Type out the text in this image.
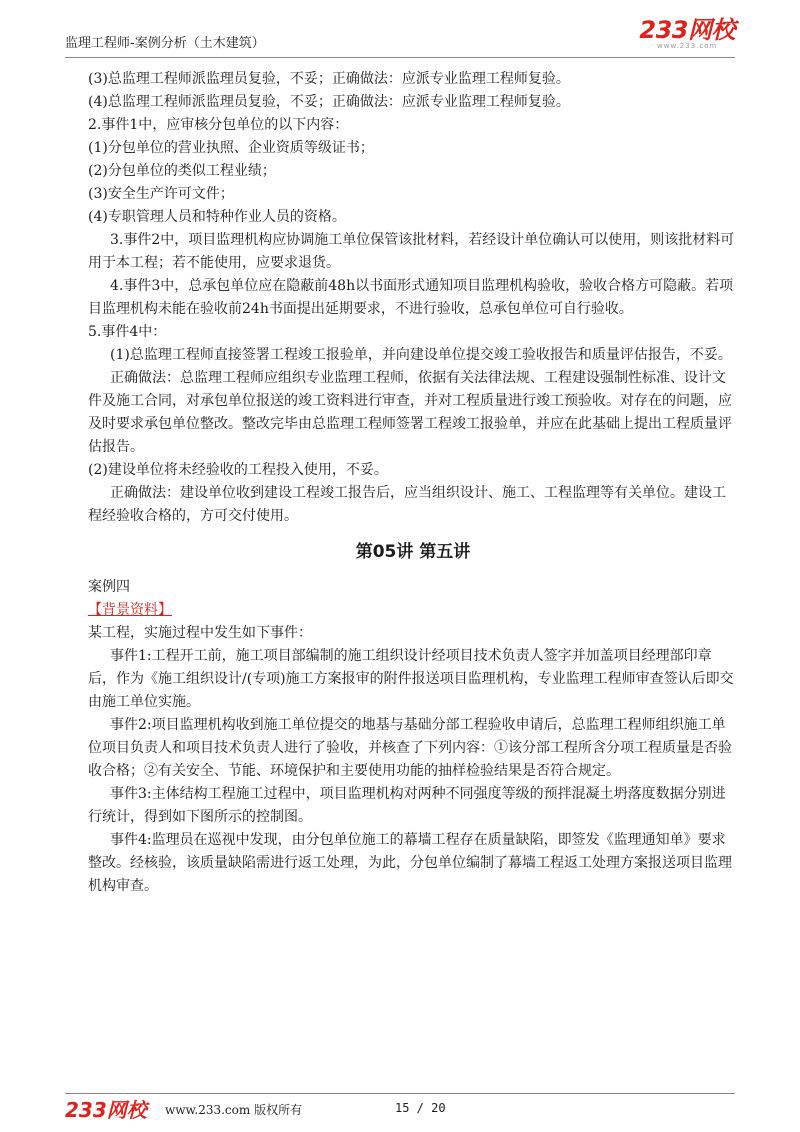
监理工程师-案例分析（土木建筑）	233网校
www.233.com

(3)总监理工程师派监理员复验，不妥；正确做法：应派专业监理工程师复验。

(4)总监理工程师派监理员复验，不妥；正确做法：应派专业监理工程师复验。

2.事件1中，应审核分包单位的以下内容：

(1)分包单位的营业执照、企业资质等级证书；

(2)分包单位的类似工程业绩；

(3)安全生产许可文件；

(4)专职管理人员和特种作业人员的资格。

3.事件2中，项目监理机构应协调施工单位保管该批材料，若经设计单位确认可以使用，则该批材料可用于本工程；若不能使用，应要求退货。

4.事件3中，总承包单位应在隐蔽前48h以书面形式通知项目监理机构验收，验收合格方可隐蔽。若项目监理机构未能在验收前24h书面提出延期要求，不进行验收，总承包单位可自行验收。

5.事件4中：

(1)总监理工程师直接签署工程竣工报验单，并向建设单位提交竣工验收报告和质量评估报告，不妥。

正确做法：总监理工程师应组织专业监理工程师，依据有关法律法规、工程建设强制性标准、设计文件及施工合同，对承包单位报送的竣工资料进行审查，并对工程质量进行竣工预验收。对存在的问题，应及时要求承包单位整改。整改完毕由总监理工程师签署工程竣工报验单，并应在此基础上提出工程质量评估报告。

(2)建设单位将未经验收的工程投入使用，不妥。

正确做法：建设单位收到建设工程竣工报告后，应当组织设计、施工、工程监理等有关单位。建设工程经验收合格的，方可交付使用。

第05讲 第五讲

案例四

【背景资料】

某工程，实施过程中发生如下事件：

事件1:工程开工前，施工项目部编制的施工组织设计经项目技术负责人签字并加盖项目经理部印章后，作为《施工组织设计/(专项)施工方案报审的附件报送项目监理机构，专业监理工程师审查签认后即交由施工单位实施。

事件2:项目监理机构收到施工单位提交的地基与基础分部工程验收申请后，总监理工程师组织施工单位项目负责人和项目技术负责人进行了验收，并核查了下列内容：①该分部工程所含分项工程质量是否验收合格；②有关安全、节能、环境保护和主要使用功能的抽样检验结果是否符合规定。

事件3:主体结构工程施工过程中，项目监理机构对两种不同强度等级的预拌混凝土坍落度数据分别进行统计，得到如下图所示的控制图。

事件4:监理员在巡视中发现，由分包单位施工的幕墙工程存在质量缺陷，即签发《监理通知单》要求整改。经核验，该质量缺陷需进行返工处理，为此，分包单位编制了幕墙工程返工处理方案报送项目监理机构审查。

233网校 www.233.com 版权所有	15 / 20
